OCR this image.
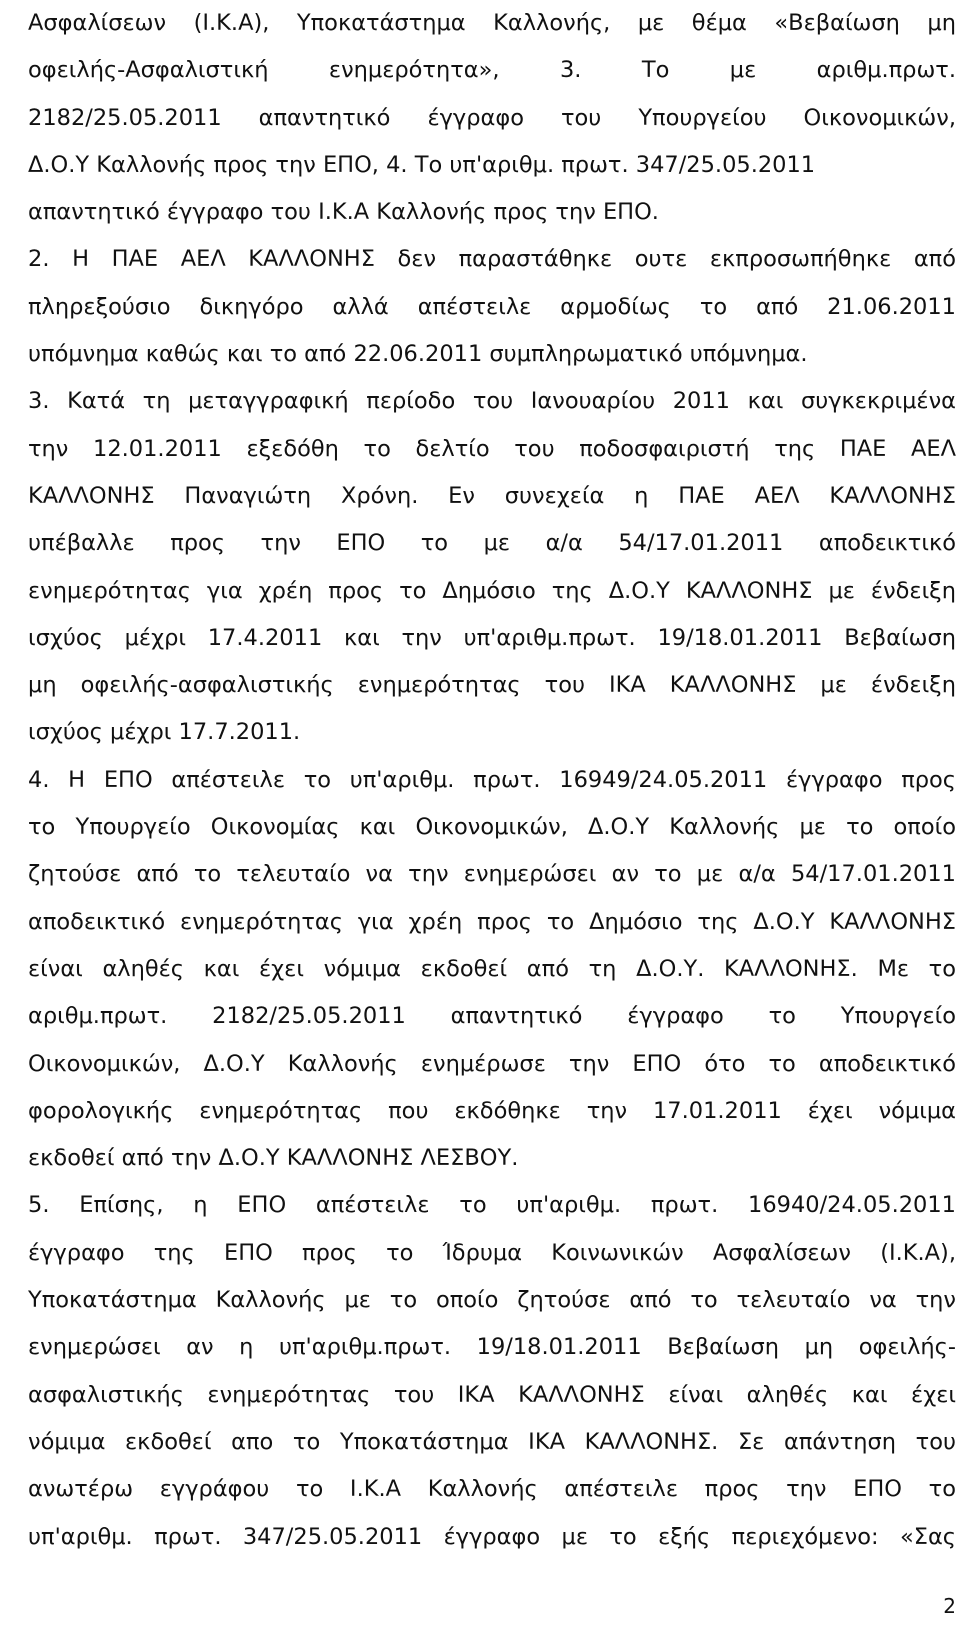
Ασφαλίσεων (Ι.Κ.Α), Υποκατάστημα Καλλονής, με θέμα «Βεβαίωση μη
οφειλής-Ασφαλιστική ενημερότητα», 3. Το με αριθμ.πρωτ.
2182/25.05.2011 απαντητικό έγγραφο του Υπουργείου Οικονομικών,
Δ.Ο.Υ Καλλονής προς την ΕΠΟ, 4. Το υπ'αριθμ. πρωτ. 347/25.05.2011
απαντητικό έγγραφο του Ι.Κ.Α Καλλονής προς την ΕΠΟ.
2. Η ΠΑΕ ΑΕΛ ΚΑΛΛΟΝΗΣ δεν παραστάθηκε ουτε εκπροσωπήθηκε από
πληρεξούσιο δικηγόρο αλλά απέστειλε αρμοδίως το από 21.06.2011
υπόμνημα καθώς και το από 22.06.2011 συμπληρωματικό υπόμνημα.
3. Κατά τη μεταγγραφική περίοδο του Ιανουαρίου 2011 και συγκεκριμένα
την 12.01.2011 εξεδόθη το δελτίο του ποδοσφαιριστή της ΠΑΕ ΑΕΛ
ΚΑΛΛΟΝΗΣ Παναγιώτη Χρόνη. Εν συνεχεία η ΠΑΕ ΑΕΛ ΚΑΛΛΟΝΗΣ
υπέβαλλε προς την ΕΠΟ το με α/α 54/17.01.2011 αποδεικτικό
ενημερότητας για χρέη προς το Δημόσιο της Δ.Ο.Υ ΚΑΛΛΟΝΗΣ με ένδειξη
ισχύος μέχρι 17.4.2011 και την υπ'αριθμ.πρωτ. 19/18.01.2011 Βεβαίωση
μη οφειλής-ασφαλιστικής ενημερότητας του ΙΚΑ ΚΑΛΛΟΝΗΣ με ένδειξη
ισχύος μέχρι 17.7.2011.
4. Η ΕΠΟ απέστειλε το υπ'αριθμ. πρωτ. 16949/24.05.2011 έγγραφο προς
το Υπουργείο Οικονομίας και Οικονομικών, Δ.Ο.Υ Καλλονής με το οποίο
ζητούσε από το τελευταίο να την ενημερώσει αν το με α/α 54/17.01.2011
αποδεικτικό ενημερότητας για χρέη προς το Δημόσιο της Δ.Ο.Υ ΚΑΛΛΟΝΗΣ
είναι αληθές και έχει νόμιμα εκδοθεί από τη Δ.Ο.Υ. ΚΑΛΛΟΝΗΣ. Με το
αριθμ.πρωτ. 2182/25.05.2011 απαντητικό έγγραφο το Υπουργείο
Οικονομικών, Δ.Ο.Υ Καλλονής ενημέρωσε την ΕΠΟ ότο το αποδεικτικό
φορολογικής ενημερότητας που εκδόθηκε την 17.01.2011 έχει νόμιμα
εκδοθεί από την Δ.Ο.Υ ΚΑΛΛΟΝΗΣ ΛΕΣΒΟΥ.
5. Επίσης, η ΕΠΟ απέστειλε το υπ'αριθμ. πρωτ. 16940/24.05.2011
έγγραφο της ΕΠΟ προς το Ίδρυμα Κοινωνικών Ασφαλίσεων (Ι.Κ.Α),
Υποκατάστημα Καλλονής με το οποίο ζητούσε από το τελευταίο να την
ενημερώσει αν η υπ'αριθμ.πρωτ. 19/18.01.2011 Βεβαίωση μη οφειλής-
ασφαλιστικής ενημερότητας του ΙΚΑ ΚΑΛΛΟΝΗΣ είναι αληθές και έχει
νόμιμα εκδοθεί απο το Υποκατάστημα ΙΚΑ ΚΑΛΛΟΝΗΣ. Σε απάντηση του
ανωτέρω εγγράφου το Ι.Κ.Α Καλλονής απέστειλε προς την ΕΠΟ τo
υπ'αριθμ. πρωτ. 347/25.05.2011 έγγραφο με το εξής περιεχόμενο: «Σας
2
